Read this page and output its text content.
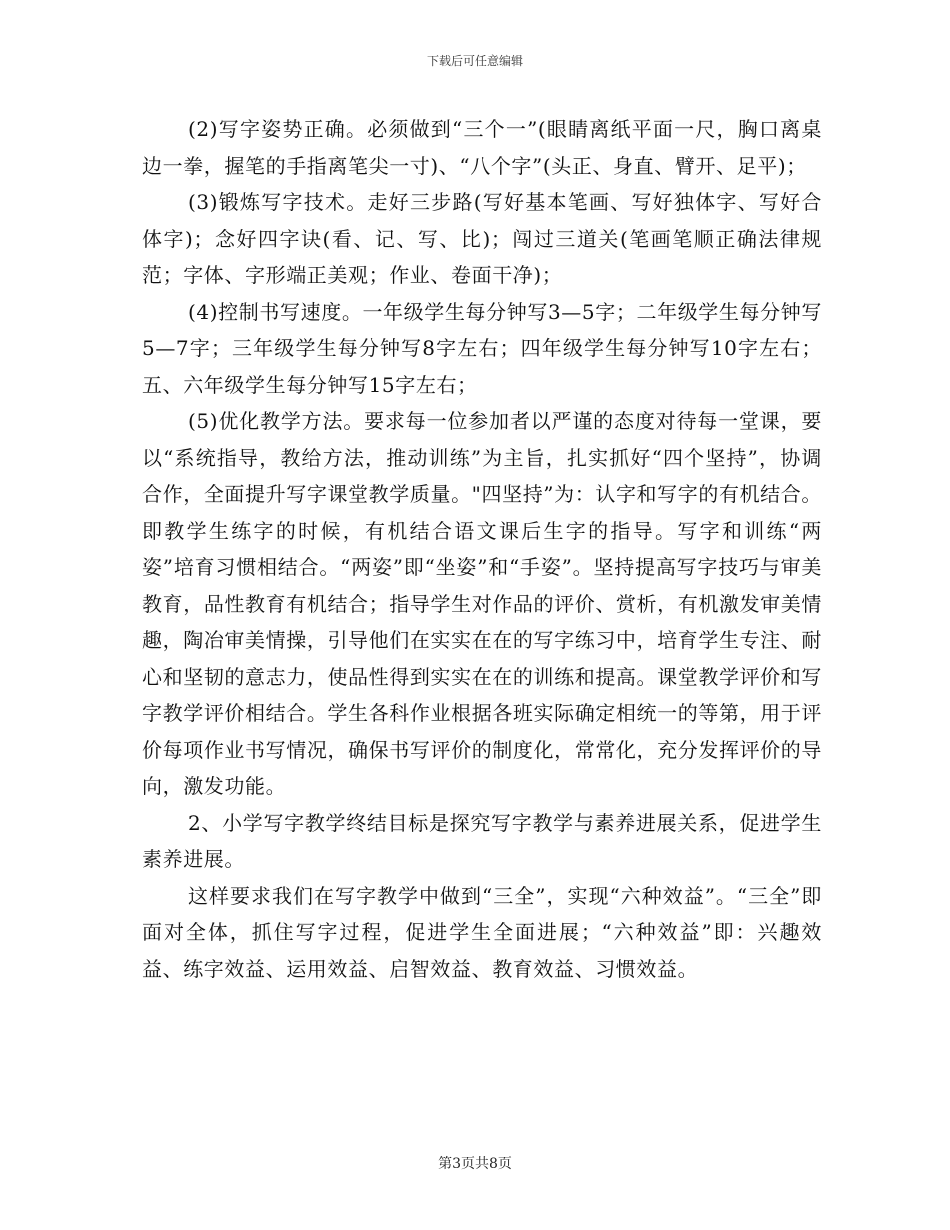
下载后可任意编辑

(2)写字姿势正确。必须做到“三个一”(眼睛离纸平面一尺，胸口离桌边一拳，握笔的手指离笔尖一寸)、“八个字”(头正、身直、臂开、足平)；

(3)锻炼写字技术。走好三步路(写好基本笔画、写好独体字、写好合体字)；念好四字诀(看、记、写、比)；闯过三道关(笔画笔顺正确法律规范；字体、字形端正美观；作业、卷面干净)；

(4)控制书写速度。一年级学生每分钟写3—5字；二年级学生每分钟写5—7字；三年级学生每分钟写8字左右；四年级学生每分钟写10字左右；五、六年级学生每分钟写15字左右；

(5)优化教学方法。要求每一位参加者以严谨的态度对待每一堂课，要以“系统指导，教给方法，推动训练”为主旨，扎实抓好“四个坚持”，协调合作，全面提升写字课堂教学质量。"四坚持”为：认字和写字的有机结合。即教学生练字的时候，有机结合语文课后生字的指导。写字和训练“两姿”培育习惯相结合。“两姿”即“坐姿”和“手姿”。坚持提高写字技巧与审美教育，品性教育有机结合；指导学生对作品的评价、赏析，有机激发审美情趣，陶冶审美情操，引导他们在实实在在的写字练习中，培育学生专注、耐心和坚韧的意志力，使品性得到实实在在的训练和提高。课堂教学评价和写字教学评价相结合。学生各科作业根据各班实际确定相统一的等第，用于评价每项作业书写情况，确保书写评价的制度化，常常化，充分发挥评价的导向，激发功能。

2、小学写字教学终结目标是探究写字教学与素养进展关系，促进学生素养进展。

这样要求我们在写字教学中做到“三全”，实现“六种效益”。“三全”即面对全体，抓住写字过程，促进学生全面进展；“六种效益”即：兴趣效益、练字效益、运用效益、启智效益、教育效益、习惯效益。

第3页共8页
